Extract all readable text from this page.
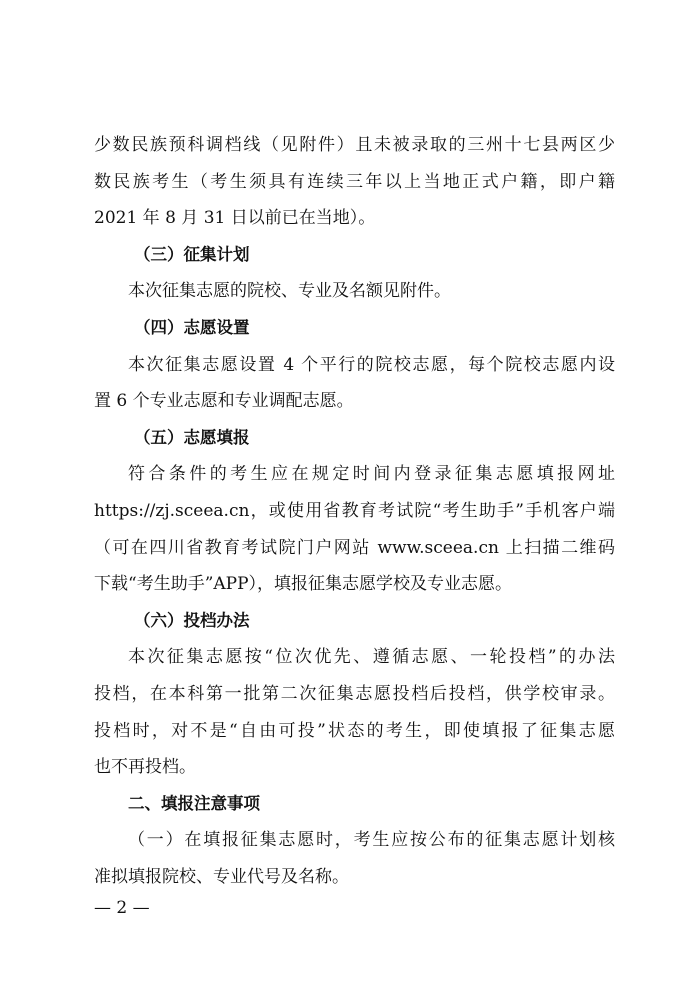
少数民族预科调档线（见附件）且未被录取的三州十七县两区少
数民族考生（考生须具有连续三年以上当地正式户籍，即户籍
2021 年 8 月 31 日以前已在当地）。
（三）征集计划
本次征集志愿的院校、专业及名额见附件。
（四）志愿设置
本次征集志愿设置 4 个平行的院校志愿，每个院校志愿内设
置 6 个专业志愿和专业调配志愿。
（五）志愿填报
符合条件的考生应在规定时间内登录征集志愿填报网址
https://zj.sceea.cn，或使用省教育考试院“考生助手”手机客户端
（可在四川省教育考试院门户网站 www.sceea.cn 上扫描二维码
下载“考生助手”APP），填报征集志愿学校及专业志愿。
（六）投档办法
本次征集志愿按“位次优先、遵循志愿、一轮投档”的办法
投档，在本科第一批第二次征集志愿投档后投档，供学校审录。
投档时，对不是“自由可投”状态的考生，即使填报了征集志愿
也不再投档。
二、填报注意事项
（一）在填报征集志愿时，考生应按公布的征集志愿计划核
准拟填报院校、专业代号及名称。
— 2 —
